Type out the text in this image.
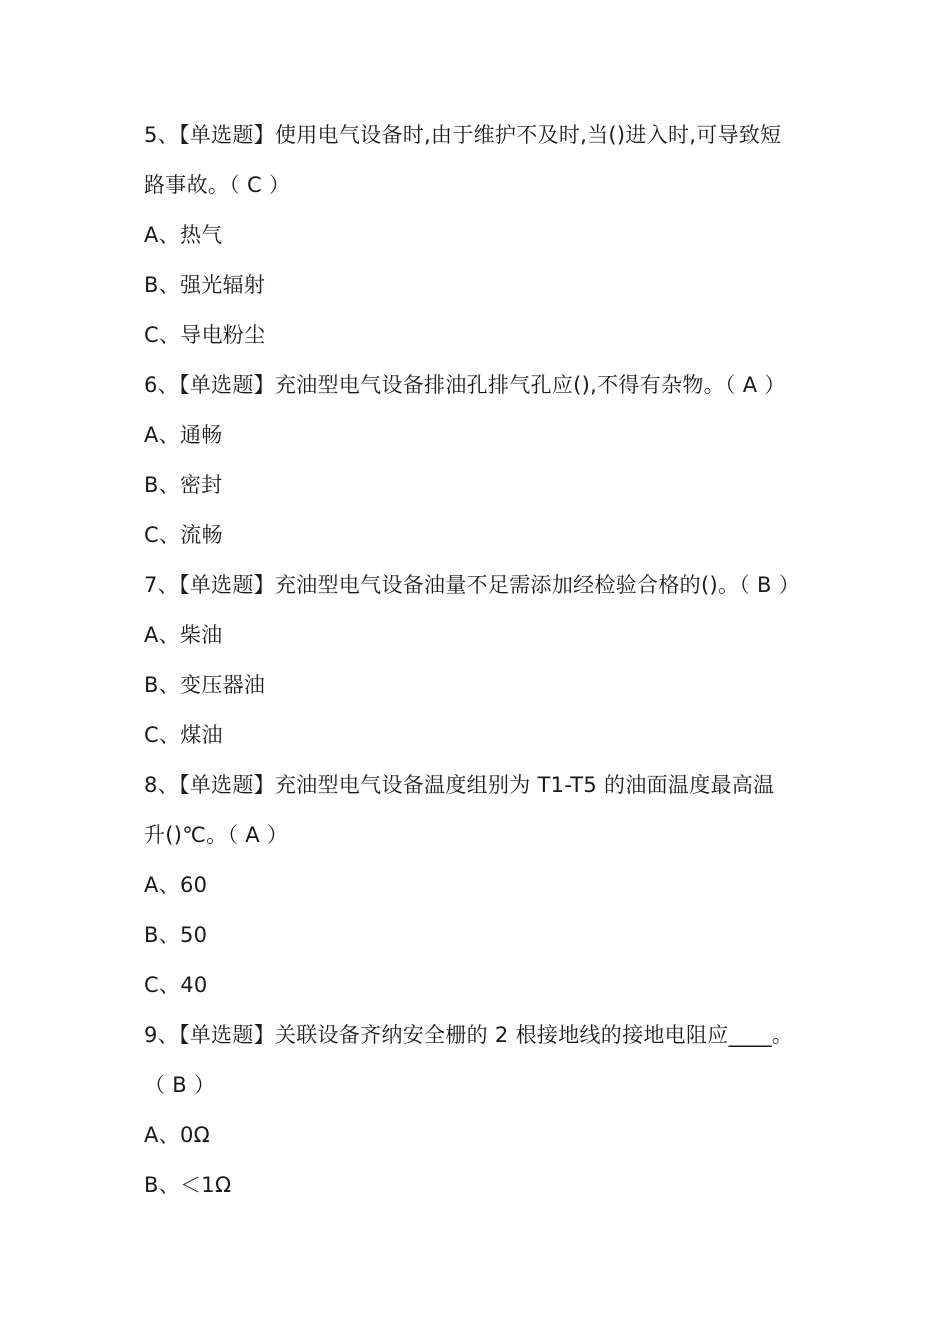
5、【单选题】使用电气设备时,由于维护不及时,当()进入时,可导致短
路事故。（ C ）
A、热气
B、强光辐射
C、导电粉尘
6、【单选题】充油型电气设备排油孔排气孔应(),不得有杂物。（ A ）
A、通畅
B、密封
C、流畅
7、【单选题】充油型电气设备油量不足需添加经检验合格的()。（ B ）
A、柴油
B、变压器油
C、煤油
8、【单选题】充油型电气设备温度组别为 T1-T5 的油面温度最高温
升()℃。（ A ）
A、60
B、50
C、40
9、【单选题】关联设备齐纳安全栅的 2 根接地线的接地电阻应____。
（ B ）
A、0Ω
B、＜1Ω
